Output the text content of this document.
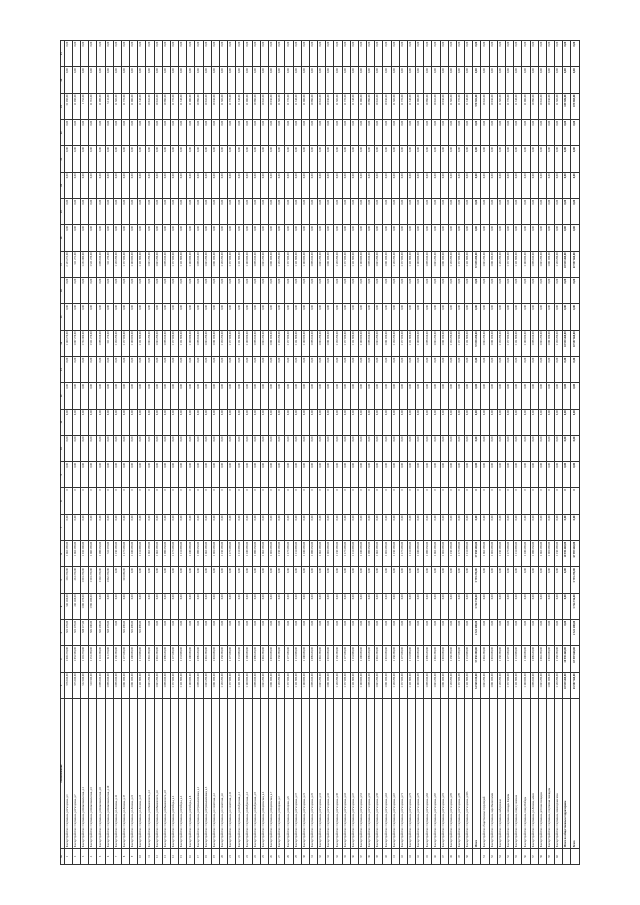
№	Наименование	1	2	3	4	5	6	7	8	9	10	11	12	13	14	15	16	17	18	19	20	21	22	23	24	25
1	Благоустройство г.Сортавала, ул.Гагарина, д.1	578 650,00	1 003 270,00	501 270,00	561 268,00	265 270,00	1 063 290,00	0,00	0	0,00	0,00	0,00	0,00	0,00	1 160 270,00	0,00	0,00	2 153 271,00	0,00	0,00	0,00	0,00	0,00	51 050,00	0,00	0,00
2	Благоустройство г.Сортавала, ул.Гагарина, д.7	575 650,00	1 053 590,00	501 270,00	261 268,00	461 270,00	1 063 290,00	0,00	0	0,00	0,00	0,00	0,00	0,00	1 007 270,00	0,00	0,00	511 271,00	0,00	0,00	0,00	0,00	0,00	11 050,00	0,00	0,00
3	Благоустройство г.Сортавала, ул.Комсомольская, д.1	512 650,00	1 101 270,00	508 277,00	1 001 270,00	1 001 270,00	1 015 300,00	0,00	0	0,00	0,00	0,00	0,00	0,00	1 754 000,00	0,00	0,00	1 254 000,00	0,00	0,00	0,00	0,00	0,00	1 754,00	0,00	0,00
4	Благоустройство г.Сортавала, ул.Комсомольская, д.5	510 350,00	1 151 290,00	502 200,00	1 901 200,00	1 501 270,00	1 060 290,00	0,00	0	0,00	0,00	0,00	0,00	0,00	1 541 270,00	0,00	0,00	1 541 270,00	0,00	0,00	0,00	0,00	0,00	11 761,00	0,00	0,00
5	Благоустройство г.Сортавала, ул.Комсомольская, д.8	1 098 650,00	1 141 290,00	503 290,00	0,00	1 502 270,00	1 098 650,00	0,00	0	0,00	0,00	0,00	0,00	0,00	1 098 650,00	0,00	0,00	1 098 650,00	0,00	0,00	0,00	0,00	0,00	11 098,00	0,00	0,00
6	Благоустройство г.Сортавала, ул.Комсомольская, д.10	1 098 650,00	511 270,00	505 270,00	0,00	1 062 270,00	511 270,00	0,00	0	0,00	0,00	0,00	0,00	0,00	511 270,00	0,00	0,00	511 270,00	0,00	0,00	0,00	0,00	0,00	5 112,00	0,00	0,00
7	Благоустройство г.Сортавала, ул.Ленина, д.12	1 098 650,00	1 150 290,00	0,00	0,00	0,00	1 150 290,00	0,00	0	0,00	0,00	0,00	0,00	0,00	1 150 290,00	0,00	0,00	1 150 290,00	0,00	0,00	0,00	0,00	0,00	11 502,00	0,00	0,00
8	Благоустройство г.Сортавала, ул.Ленина, д.17	1 001 690,00	1 177 690,00	501 690,00	0,00	501 690,00	1 177 690,00	0,00	0	0,00	0,00	0,00	0,00	0,00	1 177 690,00	0,00	0,00	1 177 690,00	0,00	0,00	0,00	0,00	0,00	11 776,00	0,00	0,00
9	Благоустройство г.Сортавала, ул.Ленина, д.21	1 001 690,00	1 100 690,00	501 690,00	0,00	0,00	1 100 690,00	0,00	0	0,00	0,00	0,00	0,00	0,00	1 100 690,00	0,00	0,00	1 100 690,00	0,00	0,00	0,00	0,00	0,00	11 006,00	0,00	0,00
10	Благоустройство г.Сортавала, ул.Ленина, д.25	1 131 890,00	1 131 890,00	501 890,00	0,00	0,00	1 131 890,00	0,00	0	0,00	0,00	0,00	0,00	0,00	1 131 890,00	0,00	0,00	1 131 890,00	0,00	0,00	0,00	0,00	0,00	11 318,00	0,00	0,00
11	Благоустройство г.Сортавала, ул.Маяковского, д.3	1 063 290,00	1 063 290,00	0,00	0,00	0,00	1 063 290,00	0,00	0	0,00	0,00	0,00	0,00	0,00	1 063 290,00	0,00	0,00	1 063 290,00	0,00	0,00	0,00	0,00	0,00	10 632,00	0,00	0,00
12	Благоустройство г.Сортавала, ул.Маяковского, д.6	1 063 290,00	1 063 290,00	0,00	0,00	0,00	1 063 290,00	0,00	0	0,00	0,00	0,00	0,00	0,00	1 063 290,00	0,00	0,00	1 063 290,00	0,00	0,00	0,00	0,00	0,00	10 632,00	0,00	0,00
13	Благоустройство г.Сортавала, ул.Маяковского, д.9	1 098 650,00	1 098 650,00	0,00	0,00	0,00	1 098 650,00	0,00	0	0,00	0,00	0,00	0,00	0,00	1 098 650,00	0,00	0,00	1 098 650,00	0,00	0,00	0,00	0,00	0,00	10 986,00	0,00	0,00
14	Благоустройство г.Сортавала, ул.Победы, д.2	1 177 690,00	1 177 690,00	0,00	0,00	0,00	1 177 690,00	0,00	0	0,00	0,00	0,00	0,00	0,00	1 177 690,00	0,00	0,00	1 177 690,00	0,00	0,00	0,00	0,00	0,00	11 776,00	0,00	0,00
15	Благоустройство г.Сортавала, ул.Победы, д.4	1 131 890,00	1 131 890,00	0,00	0,00	0,00	1 131 890,00	0,00	0	0,00	0,00	0,00	0,00	0,00	1 131 890,00	0,00	0,00	1 131 890,00	0,00	0,00	0,00	0,00	0,00	11 318,00	0,00	0,00
16	Благоустройство г.Сортавала, ул.Победы, д.8	1 100 690,00	1 100 690,00	0,00	0,00	0,00	1 100 690,00	0,00	0	0,00	0,00	0,00	0,00	0,00	1 100 690,00	0,00	0,00	1 100 690,00	0,00	0,00	0,00	0,00	0,00	11 006,00	0,00	0,00
17	Благоустройство г.Сортавала, ул.Промышленная, д.1	1 098 650,00	1 098 650,00	0,00	0,00	0,00	1 098 650,00	0,00	0	0,00	0,00	0,00	0,00	0,00	1 098 650,00	0,00	0,00	1 098 650,00	0,00	0,00	0,00	0,00	0,00	10 986,00	0,00	0,00
18	Благоустройство г.Сортавала, ул.Промышленная, д.5	1 063 290,00	1 063 290,00	0,00	0,00	0,00	1 063 290,00	0,00	0	0,00	0,00	0,00	0,00	0,00	1 063 290,00	0,00	0,00	1 063 290,00	0,00	0,00	0,00	0,00	0,00	10 632,00	0,00	0,00
19	Благоустройство г.Сортавала, ул.Советская, д.2	1 001 690,00	1 001 690,00	0,00	0,00	0,00	1 001 690,00	0,00	0	0,00	0,00	0,00	0,00	0,00	1 001 690,00	0,00	0,00	1 001 690,00	0,00	0,00	0,00	0,00	0,00	10 016,00	0,00	0,00
20	Благоустройство г.Сортавала, ул.Советская, д.6	1 150 290,00	1 150 290,00	0,00	0,00	0,00	1 150 290,00	0,00	0	0,00	0,00	0,00	0,00	0,00	1 150 290,00	0,00	0,00	1 150 290,00	0,00	0,00	0,00	0,00	0,00	11 502,00	0,00	0,00
21	Благоустройство г.Сортавала, ул.Советская, д.11	1 177 690,00	1 177 690,00	0,00	0,00	0,00	1 177 690,00	0,00	0	0,00	0,00	0,00	0,00	0,00	1 177 690,00	0,00	0,00	1 177 690,00	0,00	0,00	0,00	0,00	0,00	11 776,00	0,00	0,00
22	Благоустройство г.Сортавала, ул.Фабричная, д.1	1 131 890,00	1 131 890,00	0,00	0,00	0,00	1 131 890,00	0,00	0	0,00	0,00	0,00	0,00	0,00	1 131 890,00	0,00	0,00	1 131 890,00	0,00	0,00	0,00	0,00	0,00	11 318,00	0,00	0,00
23	Благоустройство г.Сортавала, ул.Фабричная, д.3	1 100 690,00	1 100 690,00	0,00	0,00	0,00	1 100 690,00	0,00	0	0,00	0,00	0,00	0,00	0,00	1 100 690,00	0,00	0,00	1 100 690,00	0,00	0,00	0,00	0,00	0,00	11 006,00	0,00	0,00
24	Благоустройство г.Сортавала, ул.Фабричная, д.9	1 098 650,00	1 098 650,00	0,00	0,00	0,00	1 098 650,00	0,00	0	0,00	0,00	0,00	0,00	0,00	1 098 650,00	0,00	0,00	1 098 650,00	0,00	0,00	0,00	0,00	0,00	10 986,00	0,00	0,00
25	Благоустройство г.Сортавала, ул.Карельская, д.4	1 063 290,00	1 063 290,00	0,00	0,00	0,00	1 063 290,00	0,00	0	0,00	0,00	0,00	0,00	0,00	1 063 290,00	0,00	0,00	1 063 290,00	0,00	0,00	0,00	0,00	0,00	10 632,00	0,00	0,00
26	Благоустройство г.Сортавала, ул.Карельская, д.7	1 001 690,00	1 001 690,00	0,00	0,00	0,00	1 001 690,00	0,00	0	0,00	0,00	0,00	0,00	0,00	1 001 690,00	0,00	0,00	1 001 690,00	0,00	0,00	0,00	0,00	0,00	10 016,00	0,00	0,00
27	Благоустройство г.Сортавала, ул.Кирова, д.2	1 150 290,00	1 150 290,00	0,00	0,00	0,00	1 150 290,00	0,00	0	0,00	0,00	0,00	0,00	0,00	1 150 290,00	0,00	0,00	1 150 290,00	0,00	0,00	0,00	0,00	0,00	11 502,00	0,00	0,00
28	Благоустройство г.Сортавала, ул.Кирова, д.8	1 177 690,00	1 177 690,00	0,00	0,00	0,00	1 177 690,00	0,00	0	0,00	0,00	0,00	0,00	0,00	1 177 690,00	0,00	0,00	1 177 690,00	0,00	0,00	0,00	0,00	0,00	11 776,00	0,00	0,00
29	Благоустройство г.Сортавала, ул.Гагарина, д.17	1 131 890,00	1 131 890,00	0,00	0,00	0,00	1 131 890,00	0,00	0	0,00	0,00	0,00	0,00	0,00	1 131 890,00	0,00	0,00	1 131 890,00	0,00	0,00	0,00	0,00	0,00	11 318,00	0,00	0,00
30	Благоустройство г.Сортавала, ул.Гагарина, д.21	1 100 690,00	1 100 690,00	0,00	0,00	0,00	1 100 690,00	0,00	0	0,00	0,00	0,00	0,00	0,00	1 100 690,00	0,00	0,00	1 100 690,00	0,00	0,00	0,00	0,00	0,00	11 006,00	0,00	0,00
31	Благоустройство г.Сортавала, ул.Гагарина, д.25	1 098 650,00	1 098 650,00	0,00	0,00	0,00	1 098 650,00	0,00	0	0,00	0,00	0,00	0,00	0,00	1 098 650,00	0,00	0,00	1 098 650,00	0,00	0,00	0,00	0,00	0,00	10 986,00	0,00	0,00
32	Благоустройство г.Сортавала, ул.Гагарина, д.31	1 063 290,00	1 063 290,00	0,00	0,00	0,00	1 063 290,00	0,00	0	0,00	0,00	0,00	0,00	0,00	1 063 290,00	0,00	0,00	1 063 290,00	0,00	0,00	0,00	0,00	0,00	10 632,00	0,00	0,00
33	Благоустройство г.Сортавала, ул.Гагарина, д.35	1 001 690,00	1 001 690,00	0,00	0,00	0,00	1 001 690,00	0,00	0	0,00	0,00	0,00	0,00	0,00	1 001 690,00	0,00	0,00	1 001 690,00	0,00	0,00	0,00	0,00	0,00	10 016,00	0,00	0,00
34	Благоустройство г.Сортавала, ул.Гагарина, д.39	1 150 290,00	1 150 290,00	0,00	0,00	0,00	1 150 290,00	0,00	0	0,00	0,00	0,00	0,00	0,00	1 150 290,00	0,00	0,00	1 150 290,00	0,00	0,00	0,00	0,00	0,00	11 502,00	0,00	0,00
35	Благоустройство г.Сортавала, ул.Гагарина, д.43	1 177 690,00	1 177 690,00	0,00	0,00	0,00	1 177 690,00	0,00	0	0,00	0,00	0,00	0,00	0,00	1 177 690,00	0,00	0,00	1 177 690,00	0,00	0,00	0,00	0,00	0,00	11 776,00	0,00	0,00
36	Благоустройство г.Сортавала, ул.Гагарина, д.47	1 131 890,00	1 131 890,00	0,00	0,00	0,00	1 131 890,00	0,00	0	0,00	0,00	0,00	0,00	0,00	1 131 890,00	0,00	0,00	1 131 890,00	0,00	0,00	0,00	0,00	0,00	11 318,00	0,00	0,00
37	Благоустройство г.Сортавала, ул.Гагарина, д.51	1 100 690,00	1 100 690,00	0,00	0,00	0,00	1 100 690,00	0,00	0	0,00	0,00	0,00	0,00	0,00	1 100 690,00	0,00	0,00	1 100 690,00	0,00	0,00	0,00	0,00	0,00	11 006,00	0,00	0,00
38	Благоустройство г.Сортавала, ул.Гагарина, д.55	1 098 650,00	1 098 650,00	0,00	0,00	0,00	1 098 650,00	0,00	0	0,00	0,00	0,00	0,00	0,00	1 098 650,00	0,00	0,00	1 098 650,00	0,00	0,00	0,00	0,00	0,00	10 986,00	0,00	0,00
39	Благоустройство г.Сортавала, ул.Гагарина, д.59	1 063 290,00	1 063 290,00	0,00	0,00	0,00	1 063 290,00	0,00	0	0,00	0,00	0,00	0,00	0,00	1 063 290,00	0,00	0,00	1 063 290,00	0,00	0,00	0,00	0,00	0,00	10 632,00	0,00	0,00
40	Благоустройство г.Сортавала, ул.Гагарина, д.63	1 001 690,00	1 001 690,00	0,00	0,00	0,00	1 001 690,00	0,00	0	0,00	0,00	0,00	0,00	0,00	1 001 690,00	0,00	0,00	1 001 690,00	0,00	0,00	0,00	0,00	0,00	10 016,00	0,00	0,00
41	Благоустройство г.Сортавала, ул.Гагарина, д.67	1 150 290,00	1 150 290,00	0,00	0,00	0,00	1 150 290,00	0,00	0	0,00	0,00	0,00	0,00	0,00	1 150 290,00	0,00	0,00	1 150 290,00	0,00	0,00	0,00	0,00	0,00	11 502,00	0,00	0,00
42	Благоустройство г.Сортавала, ул.Гагарина, д.71	1 177 690,00	1 177 690,00	0,00	0,00	0,00	1 177 690,00	0,00	0	0,00	0,00	0,00	0,00	0,00	1 177 690,00	0,00	0,00	1 177 690,00	0,00	0,00	0,00	0,00	0,00	11 776,00	0,00	0,00
43	Благоустройство г.Сортавала, ул.Гагарина, д.75	1 131 890,00	1 131 890,00	0,00	0,00	0,00	1 131 890,00	0,00	0	0,00	0,00	0,00	0,00	0,00	1 131 890,00	0,00	0,00	1 131 890,00	0,00	0,00	0,00	0,00	0,00	11 318,00	0,00	0,00
44	Благоустройство г.Сортавала, ул.Гагарина, д.79	1 100 690,00	1 100 690,00	0,00	0,00	0,00	1 100 690,00	0,00	0	0,00	0,00	0,00	0,00	0,00	1 100 690,00	0,00	0,00	1 100 690,00	0,00	0,00	0,00	0,00	0,00	11 006,00	0,00	0,00
45	Благоустройство г.Сортавала, ул.Гагарина, д.83	1 098 650,00	1 098 650,00	0,00	0,00	0,00	1 098 650,00	0,00	0	0,00	0,00	0,00	0,00	0,00	1 098 650,00	0,00	0,00	1 098 650,00	0,00	0,00	0,00	0,00	0,00	10 986,00	0,00	0,00
46	Благоустройство г.Сортавала, ул.Гагарина, д.87	1 063 290,00	1 063 290,00	0,00	0,00	0,00	1 063 290,00	0,00	0	0,00	0,00	0,00	0,00	0,00	1 063 290,00	0,00	0,00	1 063 290,00	0,00	0,00	0,00	0,00	0,00	10 632,00	0,00	0,00
47	Благоустройство г.Сортавала, ул.Гагарина, д.91	1 001 690,00	1 001 690,00	0,00	0,00	0,00	1 001 690,00	0,00	0	0,00	0,00	0,00	0,00	0,00	1 001 690,00	0,00	0,00	1 001 690,00	0,00	0,00	0,00	0,00	0,00	10 016,00	0,00	0,00
48	Благоустройство г.Сортавала, ул.Гагарина, д.95	1 150 290,00	1 150 290,00	0,00	0,00	0,00	1 150 290,00	0,00	0	0,00	0,00	0,00	0,00	0,00	1 150 290,00	0,00	0,00	1 150 290,00	0,00	0,00	0,00	0,00	0,00	11 502,00	0,00	0,00
49	Благоустройство г.Сортавала, ул.Гагарина, д.99	1 177 690,00	1 177 690,00	0,00	0,00	0,00	1 177 690,00	0,00	0	0,00	0,00	0,00	0,00	0,00	1 177 690,00	0,00	0,00	1 177 690,00	0,00	0,00	0,00	0,00	0,00	11 776,00	0,00	0,00
50	Благоустройство г.Сортавала, ул.Гагарина, д.103	1 131 890,00	1 131 890,00	0,00	0,00	0,00	1 131 890,00	0,00	0	0,00	0,00	0,00	0,00	0,00	1 131 890,00	0,00	0,00	1 131 890,00	0,00	0,00	0,00	0,00	0,00	11 318,00	0,00	0,00
	Итого	54 968 100,00	57 058 200,00	2 521 200,00	3 724 736,00	5 793 270,00	57 058 200,00	0,00	0	0,00	0,00	0,00	0,00	0,00	57 058 200,00	0,00	0,00	57 058 200,00	0,00	0,00	0,00	0,00	0,00	570 582,00	0,00	0,00
51	Благоустройство общественных территорий	1 063 290,00	1 063 290,00	0,00	0,00	0,00	1 063 290,00	0,00	0	0,00	0,00	0,00	0,00	0,00	1 063 290,00	0,00	0,00	1 063 290,00	0,00	0,00	0,00	0,00	0,00	10 632,00	0,00	0,00
52	Благоустройство г.Сортавала, парк Ваккосалми	1 001 690,00	1 001 690,00	0,00	0,00	0,00	1 001 690,00	0,00	0	0,00	0,00	0,00	0,00	0,00	1 001 690,00	0,00	0,00	1 001 690,00	0,00	0,00	0,00	0,00	0,00	10 016,00	0,00	0,00
53	Благоустройство г.Сортавала, набережная	1 150 290,00	1 150 290,00	0,00	0,00	0,00	1 150 290,00	0,00	0	0,00	0,00	0,00	0,00	0,00	1 150 290,00	0,00	0,00	1 150 290,00	0,00	0,00	0,00	0,00	0,00	11 502,00	0,00	0,00
54	Благоустройство г.Сортавала, площадь Кирова	1 177 690,00	1 177 690,00	0,00	0,00	0,00	1 177 690,00	0,00	0	0,00	0,00	0,00	0,00	0,00	1 177 690,00	0,00	0,00	1 177 690,00	0,00	0,00	0,00	0,00	0,00	11 776,00	0,00	0,00
55	Благоустройство г.Сортавала, сквер у вокзала	1 131 890,00	1 131 890,00	0,00	0,00	0,00	1 131 890,00	0,00	0	0,00	0,00	0,00	0,00	0,00	1 131 890,00	0,00	0,00	1 131 890,00	0,00	0,00	0,00	0,00	0,00	11 318,00	0,00	0,00
56	Благоустройство г.Сортавала, сквер Победы	1 100 690,00	1 100 690,00	0,00	0,00	0,00	1 100 690,00	0,00	0	0,00	0,00	0,00	0,00	0,00	1 100 690,00	0,00	0,00	1 100 690,00	0,00	0,00	0,00	0,00	0,00	11 006,00	0,00	0,00
57	Благоустройство г.Сортавала, ул.Ленина, аллея	1 098 650,00	1 098 650,00	0,00	0,00	0,00	1 098 650,00	0,00	0	0,00	0,00	0,00	0,00	0,00	1 098 650,00	0,00	0,00	1 098 650,00	0,00	0,00	0,00	0,00	0,00	10 986,00	0,00	0,00
58	Благоустройство г.Сортавала, детская площадка	1 063 290,00	1 063 290,00	0,00	0,00	0,00	1 063 290,00	0,00	0	0,00	0,00	0,00	0,00	0,00	1 063 290,00	0,00	0,00	1 063 290,00	0,00	0,00	0,00	0,00	0,00	10 632,00	0,00	0,00
59	Благоустройство г.Сортавала, спортивная площадка	1 001 690,00	1 001 690,00	0,00	0,00	0,00	1 001 690,00	0,00	0	0,00	0,00	0,00	0,00	0,00	1 001 690,00	0,00	0,00	1 001 690,00	0,00	0,00	0,00	0,00	0,00	10 016,00	0,00	0,00
60	Благоустройство г.Сортавала, пешеходная зона	1 150 290,00	1 150 290,00	0,00	0,00	0,00	1 150 290,00	0,00	0	0,00	0,00	0,00	0,00	0,00	1 150 290,00	0,00	0,00	1 150 290,00	0,00	0,00	0,00	0,00	0,00	11 502,00	0,00	0,00
	Итого по общественным территориям	10 939 460,00	10 939 460,00	0,00	0,00	0,00	10 939 460,00	0,00	0	0,00	0,00	0,00	0,00	0,00	10 939 460,00	0,00	0,00	10 939 460,00	0,00	0,00	0,00	0,00	0,00	109 386,00	0,00	0,00
	Всего	65 907 560,00	67 997 660,00	2 521 200,00	3 724 736,00	5 793 270,00	67 997 660,00	0,00	0	0,00	0,00	0,00	0,00	0,00	67 997 660,00	0,00	0,00	67 997 660,00	0,00	0,00	0,00	0,00	0,00	679 968,00	0,00	0,00
